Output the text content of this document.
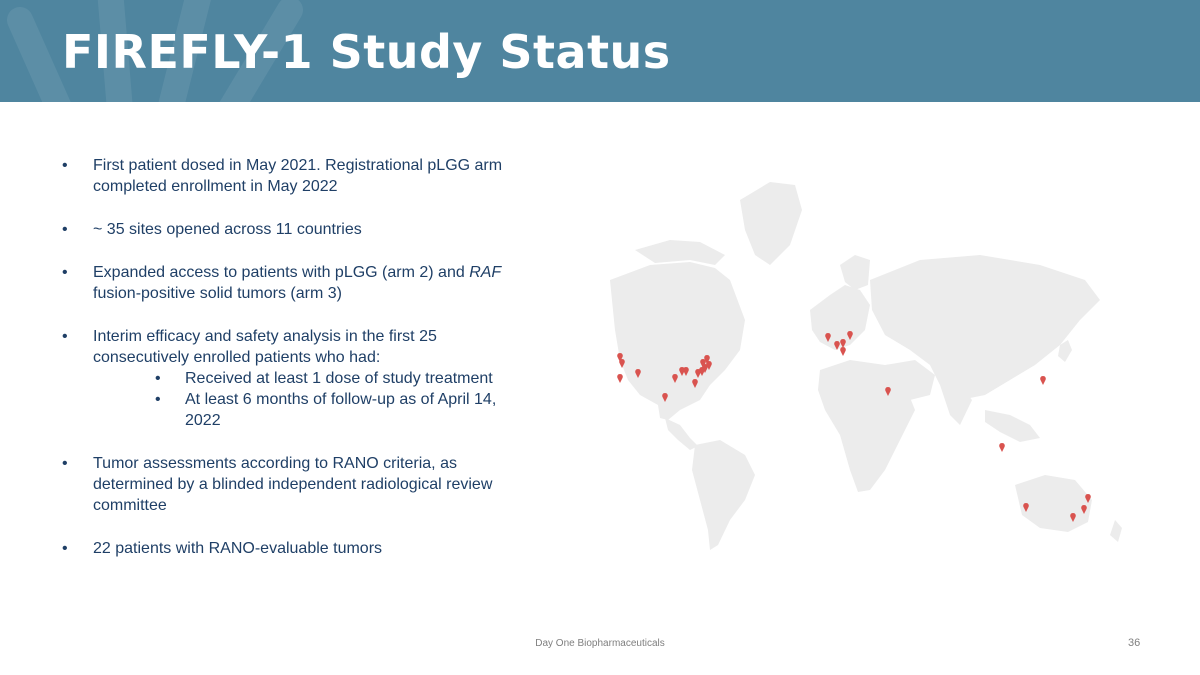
FIREFLY-1 Study Status
• First patient dosed in May 2021. Registrational pLGG arm
completed enrollment in May 2022
• ~ 35 sites opened across 11 countries
• Expanded access to patients with pLGG (arm 2) and RAF
fusion-positive solid tumors (arm 3)
• Interim efficacy and safety analysis in the first 25
consecutively enrolled patients who had:
• Received at least 1 dose of study treatment
• At least 6 months of follow-up as of April 14, 2022
• Tumor assessments according to RANO criteria, as
determined by a blinded independent radiological review
committee
• 22 patients with RANO-evaluable tumors
Day One Biopharmaceuticals	36
